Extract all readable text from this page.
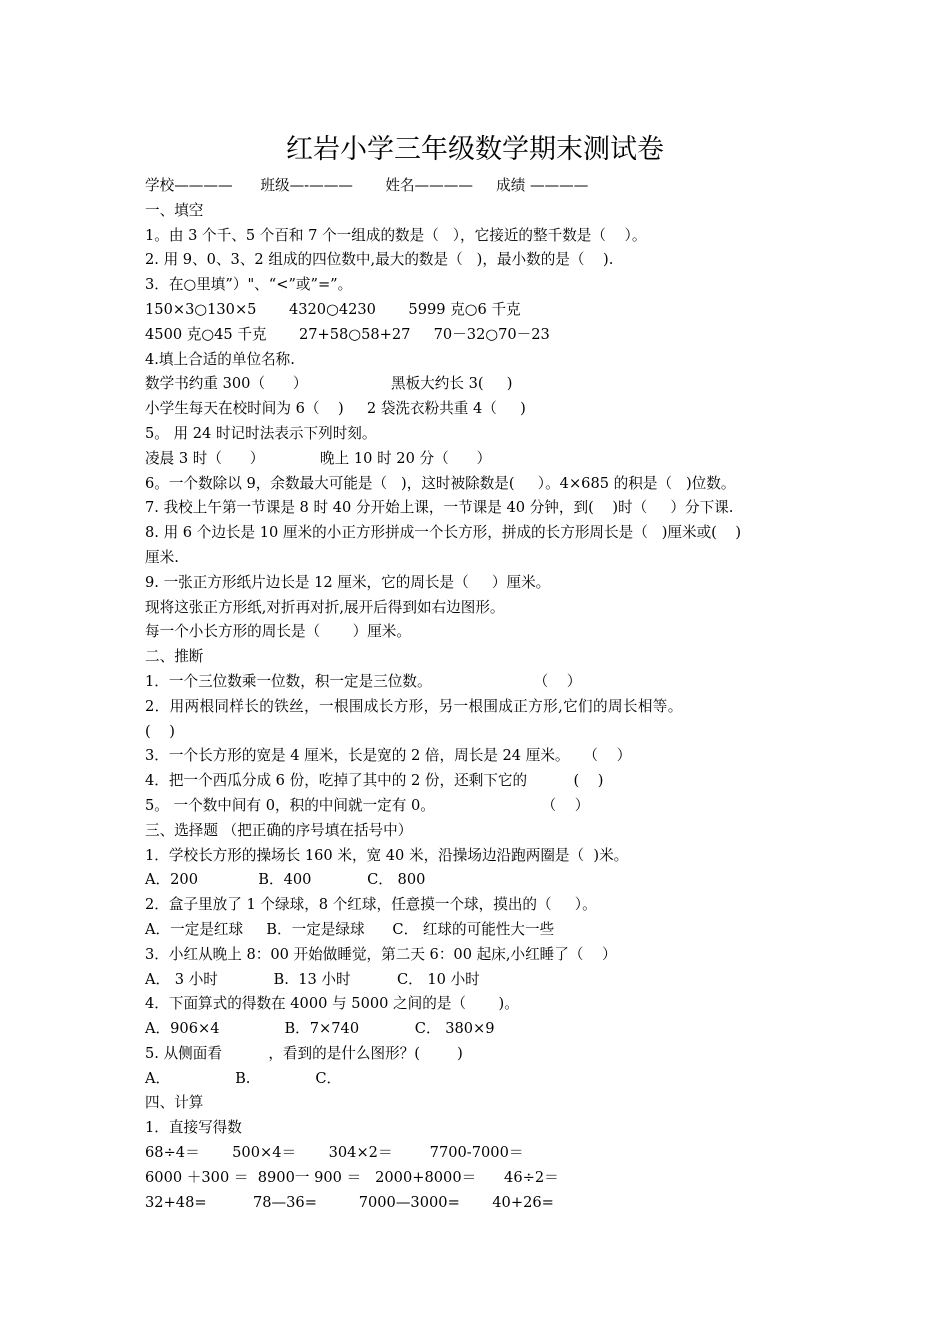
红岩小学三年级数学期末测试卷
学校————      班级—-———       姓名————     成绩 ————
一、填空
1。由 3 个千、5 个百和 7 个一组成的数是（   ），它接近的整千数是（    ）。
2. 用 9、0、3、2 组成的四位数中,最大的数是（   )，最小数的是（    ).
3．在○里填”）"、“<”或”=”。
150×3○130×5       4320○4230       5999 克○6 千克
4500 克○45 千克       27+58○58+27     70－32○70－23
4.填上合适的单位名称.
数学书约重 300（      ）                  黑板大约长 3(     )
小学生每天在校时间为 6（    )     2 袋洗衣粉共重 4（     )
5。 用 24 时记时法表示下列时刻。
凌晨 3 时（      ）            晚上 10 时 20 分（      ）
6。一个数除以 9，余数最大可能是（   )，这时被除数是(     ）。4×685 的积是（   )位数。
7. 我校上午第一节课是 8 时 40 分开始上课，一节课是 40 分钟，到(    )时（     ）分下课.
8. 用 6 个边长是 10 厘米的小正方形拼成一个长方形，拼成的长方形周长是（   )厘米或(    )
厘米.
9. 一张正方形纸片边长是 12 厘米，它的周长是（     ）厘米。
现将这张正方形纸,对折再对折,展开后得到如右边图形。
每一个小长方形的周长是（       ）厘米。
二、推断
1．一个三位数乘一位数，积一定是三位数。                      （    ）
2．用两根同样长的铁丝，一根围成长方形，另一根围成正方形,它们的周长相等。
(    )
3．一个长方形的宽是 4 厘米，长是宽的 2 倍，周长是 24 厘米。   （    ）
4．把一个西瓜分成 6 份，吃掉了其中的 2 份，还剩下它的          (    )
5。 一个数中间有 0，积的中间就一定有 0。                       （    ）
三、选择题 （把正确的序号填在括号中）
1．学校长方形的操场长 160 米，宽 40 米，沿操场边沿跑两圈是（  )米。
A．200             B．400            C． 800
2．盒子里放了 1 个绿球，8 个红球，任意摸一个球，摸出的（     ）。
A．一定是红球     B．一定是绿球      C． 红球的可能性大一些
3．小红从晚上 8：00 开始做睡觉，第二天 6：00 起床,小红睡了（    ）
A． 3 小时            B.  13 小时          C． 10 小时
4．下面算式的得数在 4000 与 5000 之间的是（       )。
A．906×4              B．7×740            C． 380×9
5. 从侧面看          ，看到的是什么图形？(        )
A．              B.              C．
四、计算
1．直接写得数
68÷4＝       500×4＝       304×2＝        7700-7000＝
6000 ＋300 ＝  8900一 900 ＝   2000+8000＝      46÷2＝
32+48=          78—36=         7000—3000=       40+26=
